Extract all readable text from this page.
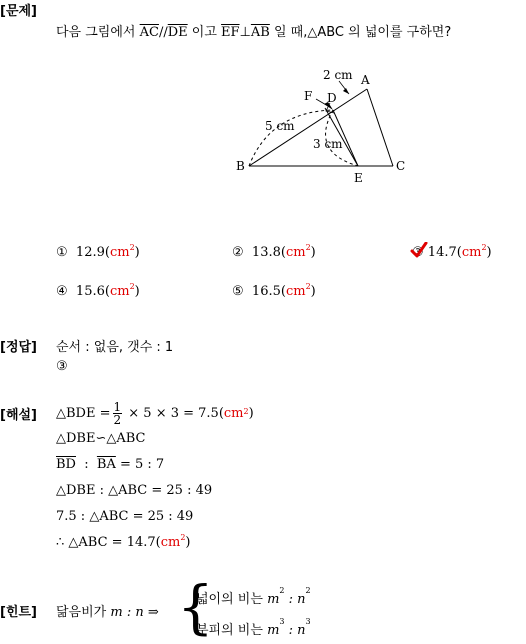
[문제]
다음 그림에서 $\overline{AC}//\overline{DE}$ 이고 $\overline{EF}\perp\overline{AB}$ 일 때,△ABC 의 넓이를 구하면?
2 cm A
F D
5 cm
3 cm
B	C
E
① $12.9(cm^2)$	② $13.8(cm^2)$	③ $14.7(cm^2)$
④ $15.6(cm^2)$	⑤ $16.5(cm^2)$
[정답] 순서 : 없음, 갯수 : 1
③
[해설] △BDE = $\frac{1}{2} \times 5 \times 3 = 7.5$( $cm^2$ )
△DBE∽△ABC
$\overline{BD}$  :  $\overline{BA} = 5$ : 7
△DBE : △ABC = 25 : 49
7.5 : △ABC = 25 : 49
∴ △ABC = $14.7(cm^2)$
[힌트] 닮음비가 m : n ⇒ {
넓이의 비는 $m^2$ : $n^2$
부피의 비는 $m^3$ : $n^3$
